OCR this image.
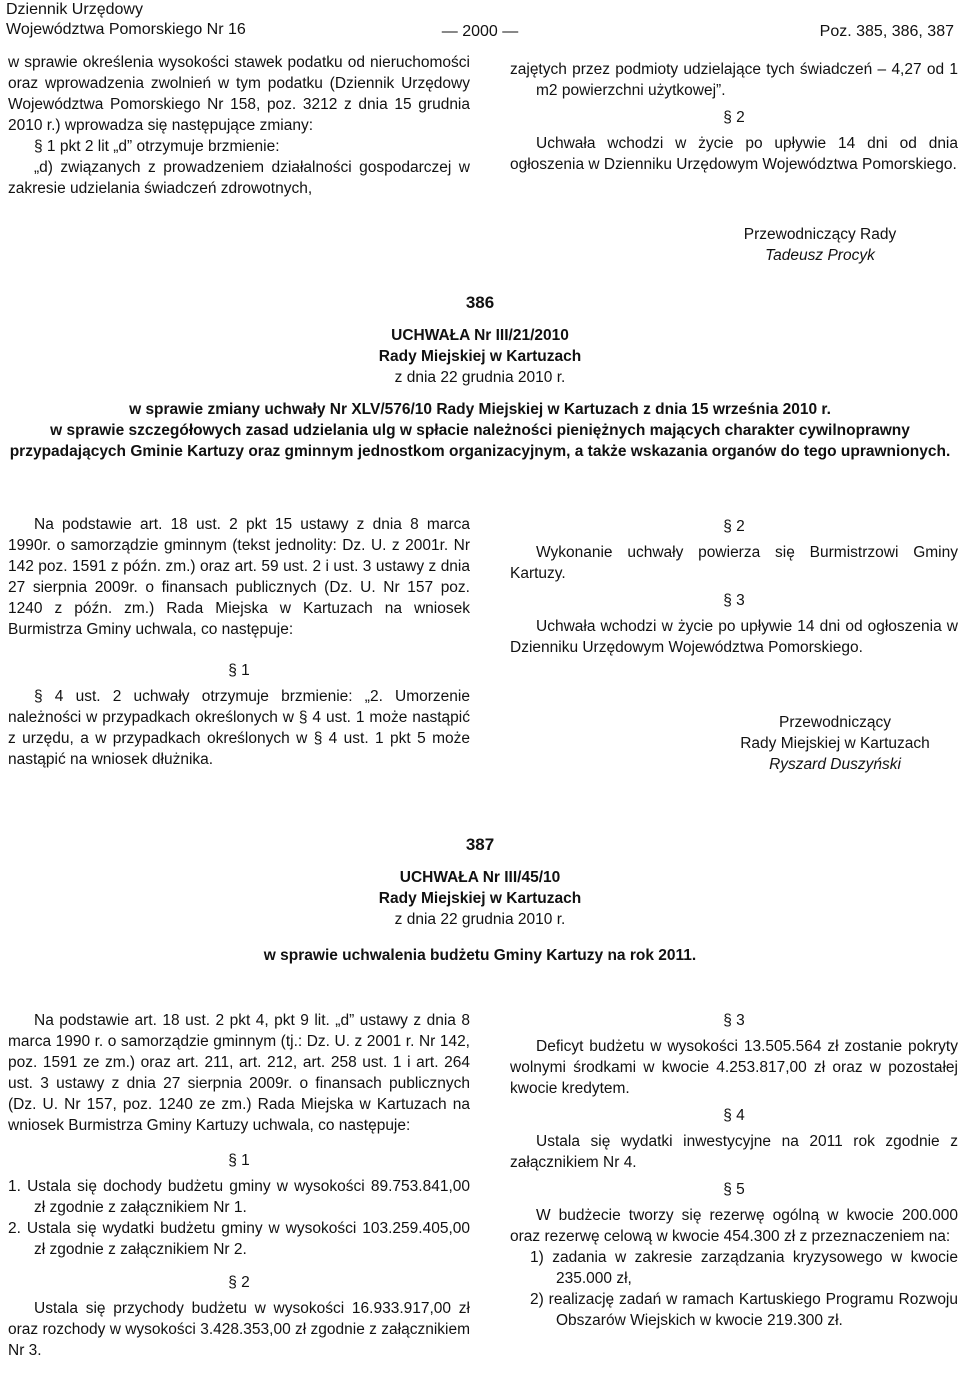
Dziennik Urzędowy
Województwa Pomorskiego Nr 16	— 2000 —	Poz. 385, 386, 387

w sprawie określenia wysokości stawek podatku od nieruchomości oraz wprowadzenia zwolnień w tym podatku (Dziennik Urzędowy Województwa Pomorskiego Nr 158, poz. 3212 z dnia 15 grudnia 2010 r.) wprowadza się następujące zmiany:

§ 1 pkt 2 lit „d” otrzymuje brzmienie:

„d) związanych z prowadzeniem działalności gospodarczej w zakresie udzielania świadczeń zdrowotnych,

zajętych przez podmioty udzielające tych świadczeń – 4,27 od 1 m2 powierzchni użytkowej”.

§ 2

Uchwała wchodzi w życie po upływie 14 dni od dnia ogłoszenia w Dzienniku Urzędowym Województwa Pomorskiego.

Przewodniczący Rady
Tadeusz Procyk
386
UCHWAŁA Nr III/21/2010
Rady Miejskiej w Kartuzach
z dnia 22 grudnia 2010 r.
w sprawie zmiany uchwały Nr XLV/576/10 Rady Miejskiej w Kartuzach z dnia 15 września 2010 r.
w sprawie szczegółowych zasad udzielania ulg w spłacie należności pieniężnych mających charakter cywilnoprawny przypadających Gminie Kartuzy oraz gminnym jednostkom organizacyjnym, a także wskazania organów do tego uprawnionych.

Na podstawie art. 18 ust. 2 pkt 15 ustawy z dnia 8 marca 1990r. o samorządzie gminnym (tekst jednolity: Dz. U. z 2001r. Nr 142 poz. 1591 z późn. zm.) oraz art. 59 ust. 2 i ust. 3 ustawy z dnia 27 sierpnia 2009r. o finansach publicznych (Dz. U. Nr 157 poz. 1240 z późn. zm.) Rada Miejska w Kartuzach na wniosek Burmistrza Gminy uchwala, co następuje:

§ 1

§ 4 ust. 2 uchwały otrzymuje brzmienie: „2. Umorzenie należności w przypadkach określonych w § 4 ust. 1 może nastąpić z urzędu, a w przypadkach określonych w § 4 ust. 1 pkt 5 może nastąpić na wniosek dłużnika.

§ 2

Wykonanie uchwały powierza się Burmistrzowi Gminy Kartuzy.

§ 3

Uchwała wchodzi w życie po upływie 14 dni od ogłoszenia w Dzienniku Urzędowym Województwa Pomorskiego.

Przewodniczący
Rady Miejskiej w Kartuzach
Ryszard Duszyński
387
UCHWAŁA Nr III/45/10
Rady Miejskiej w Kartuzach
z dnia 22 grudnia 2010 r.
w sprawie uchwalenia budżetu Gminy Kartuzy na rok 2011.

Na podstawie art. 18 ust. 2 pkt 4, pkt 9 lit. „d” ustawy z dnia 8 marca 1990 r. o samorządzie gminnym (tj.: Dz. U. z 2001 r. Nr 142, poz. 1591 ze zm.) oraz art. 211, art. 212, art. 258 ust. 1 i art. 264 ust. 3 ustawy z dnia 27 sierpnia 2009r. o finansach publicznych (Dz. U. Nr 157, poz. 1240 ze zm.) Rada Miejska w Kartuzach na wniosek Burmistrza Gminy Kartuzy uchwala, co następuje:

§ 1

1. Ustala się dochody budżetu gminy w wysokości 89.753.841,00 zł zgodnie z załącznikiem Nr 1.

2. Ustala się wydatki budżetu gminy w wysokości 103.259.405,00 zł zgodnie z załącznikiem Nr 2.

§ 2

Ustala się przychody budżetu w wysokości 16.933.917,00 zł oraz rozchody w wysokości 3.428.353,00 zł zgodnie z załącznikiem Nr 3.

§ 3

Deficyt budżetu w wysokości 13.505.564 zł zostanie pokryty wolnymi środkami w kwocie 4.253.817,00 zł oraz w pozostałej kwocie kredytem.

§ 4

Ustala się wydatki inwestycyjne na 2011 rok zgodnie z załącznikiem Nr 4.

§ 5

W budżecie tworzy się rezerwę ogólną w kwocie 200.000 oraz rezerwę celową w kwocie 454.300 zł z przeznaczeniem na:

1) zadania w zakresie zarządzania kryzysowego w kwocie 235.000 zł,

2) realizację zadań w ramach Kartuskiego Programu Rozwoju Obszarów Wiejskich w kwocie 219.300 zł.
